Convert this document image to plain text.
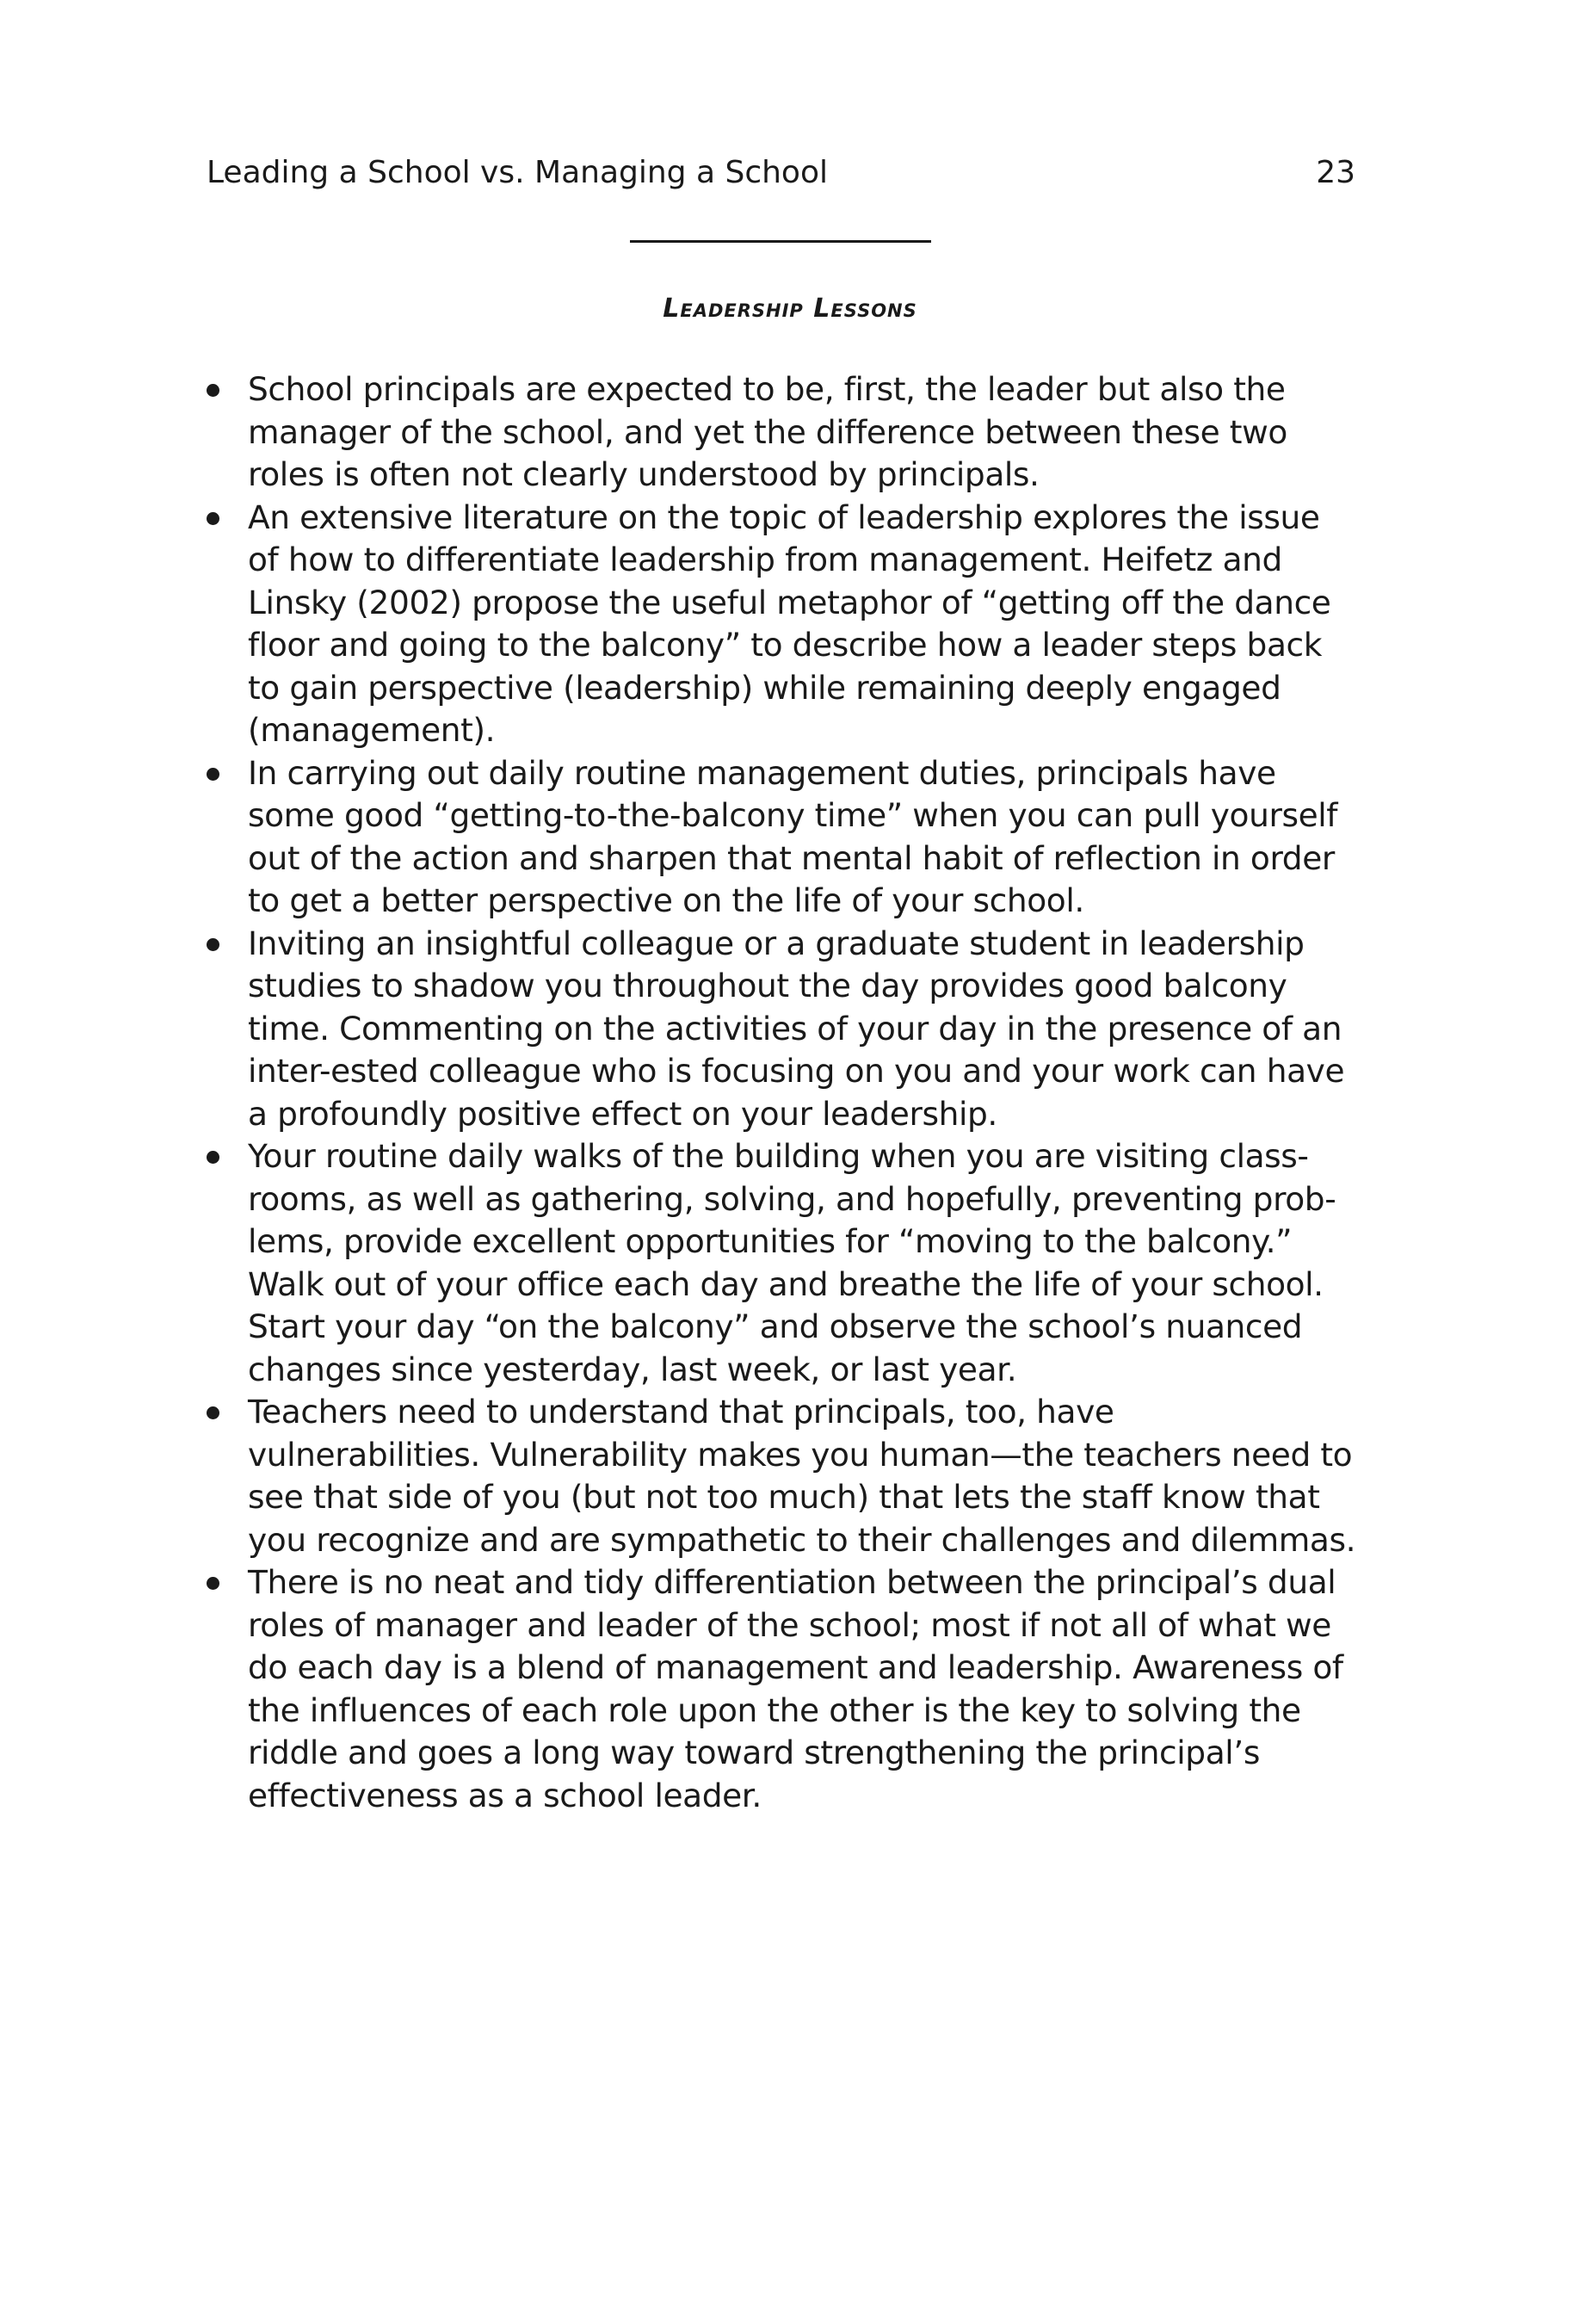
Leading a School vs. Managing a School	23
Leadership Lessons
School principals are expected to be, first, the leader but also the manager of the school, and yet the difference between these two roles is often not clearly understood by principals.
An extensive literature on the topic of leadership explores the issue of how to differentiate leadership from management. Heifetz and Linsky (2002) propose the useful metaphor of “getting off the dance floor and going to the balcony” to describe how a leader steps back to gain perspective (leadership) while remaining deeply engaged (management).
In carrying out daily routine management duties, principals have some good “getting-to-the-balcony time” when you can pull yourself out of the action and sharpen that mental habit of reflection in order to get a better perspective on the life of your school.
Inviting an insightful colleague or a graduate student in leadership studies to shadow you throughout the day provides good balcony time. Commenting on the activities of your day in the presence of an inter-ested colleague who is focusing on you and your work can have a profoundly positive effect on your leadership.
Your routine daily walks of the building when you are visiting class-rooms, as well as gathering, solving, and hopefully, preventing prob-lems, provide excellent opportunities for “moving to the balcony.” Walk out of your office each day and breathe the life of your school. Start your day “on the balcony” and observe the school’s nuanced changes since yesterday, last week, or last year.
Teachers need to understand that principals, too, have vulnerabilities. Vulnerability makes you human—the teachers need to see that side of you (but not too much) that lets the staff know that you recognize and are sympathetic to their challenges and dilemmas.
There is no neat and tidy differentiation between the principal’s dual roles of manager and leader of the school; most if not all of what we do each day is a blend of management and leadership. Awareness of the influences of each role upon the other is the key to solving the riddle and goes a long way toward strengthening the principal’s effectiveness as a school leader.
